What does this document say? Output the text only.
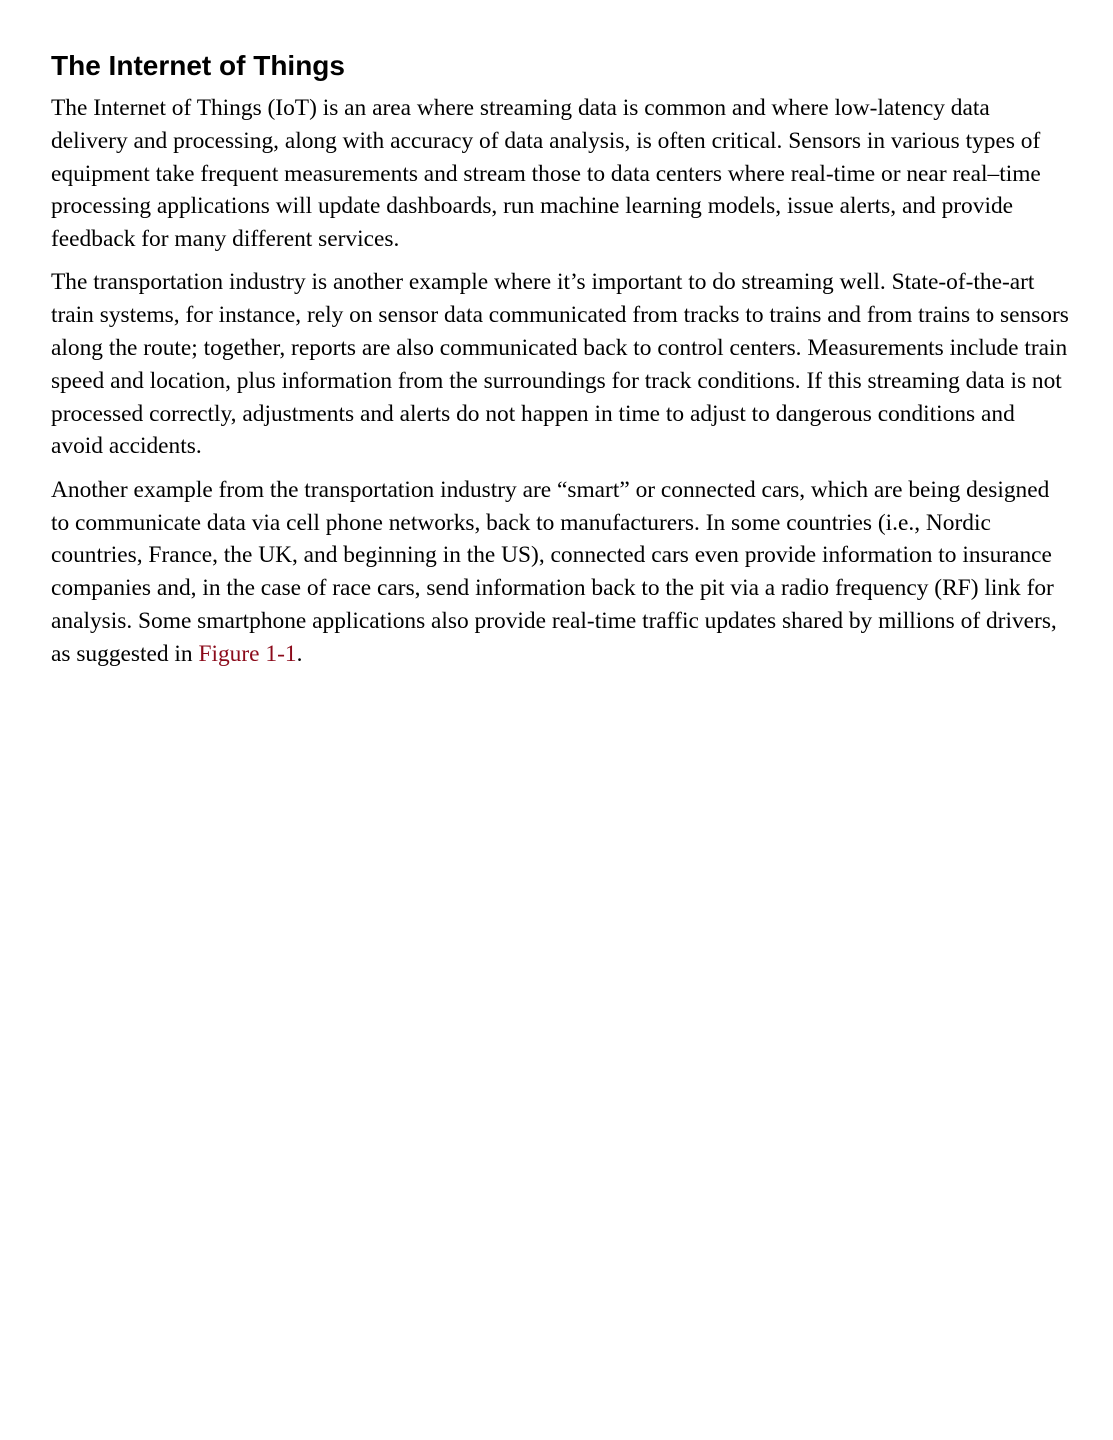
The Internet of Things

The Internet of Things (IoT) is an area where streaming data is common and where low-latency data delivery and processing, along with accuracy of data analysis, is often critical. Sensors in various types of equipment take frequent measurements and stream those to data centers where real-time or near real–time processing applications will update dashboards, run machine learning models, issue alerts, and provide feedback for many different services.

The transportation industry is another example where it’s important to do streaming well. State-of-the-art train systems, for instance, rely on sensor data communicated from tracks to trains and from trains to sensors along the route; together, reports are also communicated back to control centers. Measurements include train speed and location, plus information from the surroundings for track conditions. If this streaming data is not processed correctly, adjustments and alerts do not happen in time to adjust to dangerous conditions and avoid accidents.

Another example from the transportation industry are “smart” or connected cars, which are being designed to communicate data via cell phone networks, back to manufacturers. In some countries (i.e., Nordic countries, France, the UK, and beginning in the US), connected cars even provide information to insurance companies and, in the case of race cars, send information back to the pit via a radio frequency (RF) link for analysis. Some smartphone applications also provide real-time traffic updates shared by millions of drivers, as suggested in Figure 1-1.
